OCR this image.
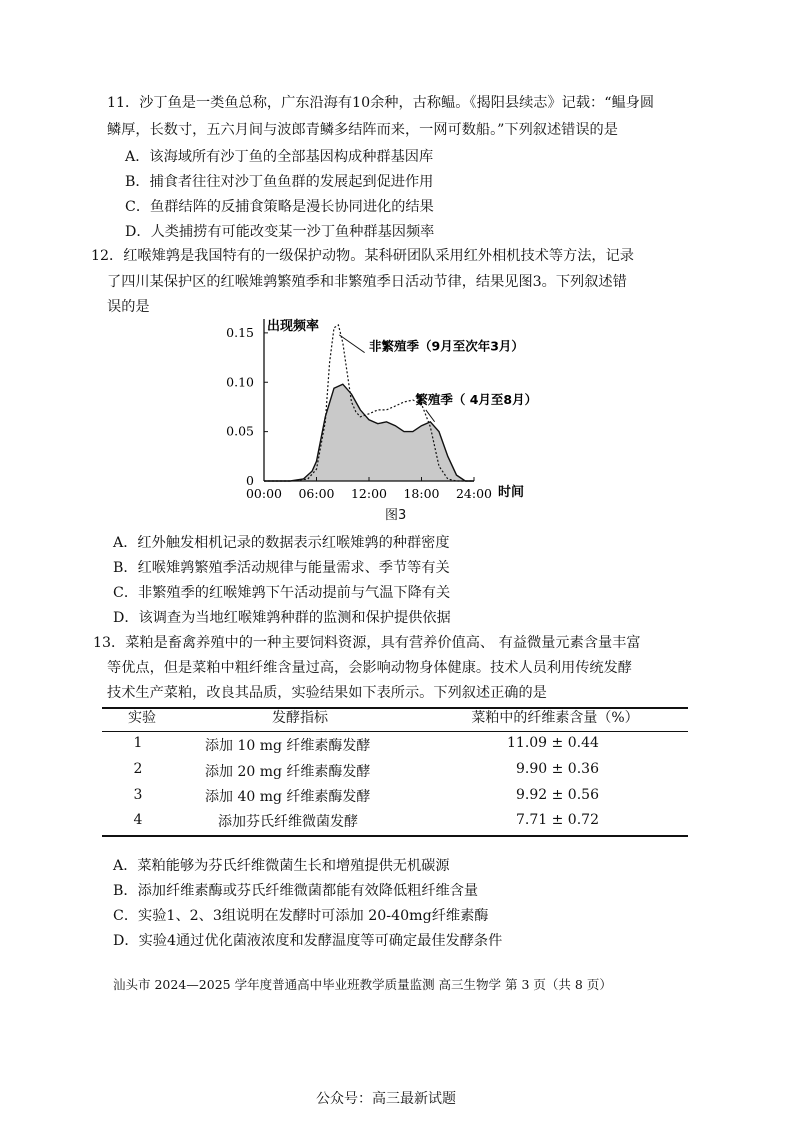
11．沙丁鱼是一类鱼总称，广东沿海有10余种，古称鳁。《揭阳县续志》记载：“鳁身圆
鳞厚，长数寸，五六月间与波郎青鳞多结阵而来，一网可数船。”下列叙述错误的是
A．该海域所有沙丁鱼的全部基因构成种群基因库
B．捕食者往往对沙丁鱼鱼群的发展起到促进作用
C．鱼群结阵的反捕食策略是漫长协同进化的结果
D．人类捕捞有可能改变某一沙丁鱼种群基因频率
12．红喉雉鹑是我国特有的一级保护动物。某科研团队采用红外相机技术等方法，记录
了四川某保护区的红喉雉鹑繁殖季和非繁殖季日活动节律，结果见图3。下列叙述错
误的是
0
0.05
0.10
0.15
00:00 06:00 12:00 18:00 24:00
出现频率
时间
非繁殖季（9月至次年3月）
繁殖季（ 4月至8月）
图3
A．红外触发相机记录的数据表示红喉雉鹑的种群密度
B．红喉雉鹑繁殖季活动规律与能量需求、季节等有关
C．非繁殖季的红喉雉鹑下午活动提前与气温下降有关
D．该调查为当地红喉雉鹑种群的监测和保护提供依据
13．菜粕是畜禽养殖中的一种主要饲料资源，具有营养价值高、 有益微量元素含量丰富
等优点，但是菜粕中粗纤维含量过高，会影响动物身体健康。技术人员利用传统发酵
技术生产菜粕，改良其品质，实验结果如下表所示。下列叙述正确的是
实验	发酵指标	菜粕中的纤维素含量（%）
1	添加 10 mg 纤维素酶发酵	11.09 ± 0.44
2	添加 20 mg 纤维素酶发酵	9.90 ± 0.36
3	添加 40 mg 纤维素酶发酵	9.92 ± 0.56
4	添加芬氏纤维微菌发酵	7.71 ± 0.72
A．菜粕能够为芬氏纤维微菌生长和增殖提供无机碳源
B．添加纤维素酶或芬氏纤维微菌都能有效降低粗纤维含量
C．实验1、2、3组说明在发酵时可添加 20-40mg纤维素酶
D．实验4通过优化菌液浓度和发酵温度等可确定最佳发酵条件
汕头市 2024—2025 学年度普通高中毕业班教学质量监测 高三生物学 第 3 页（共 8 页）
公众号：高三最新试题
